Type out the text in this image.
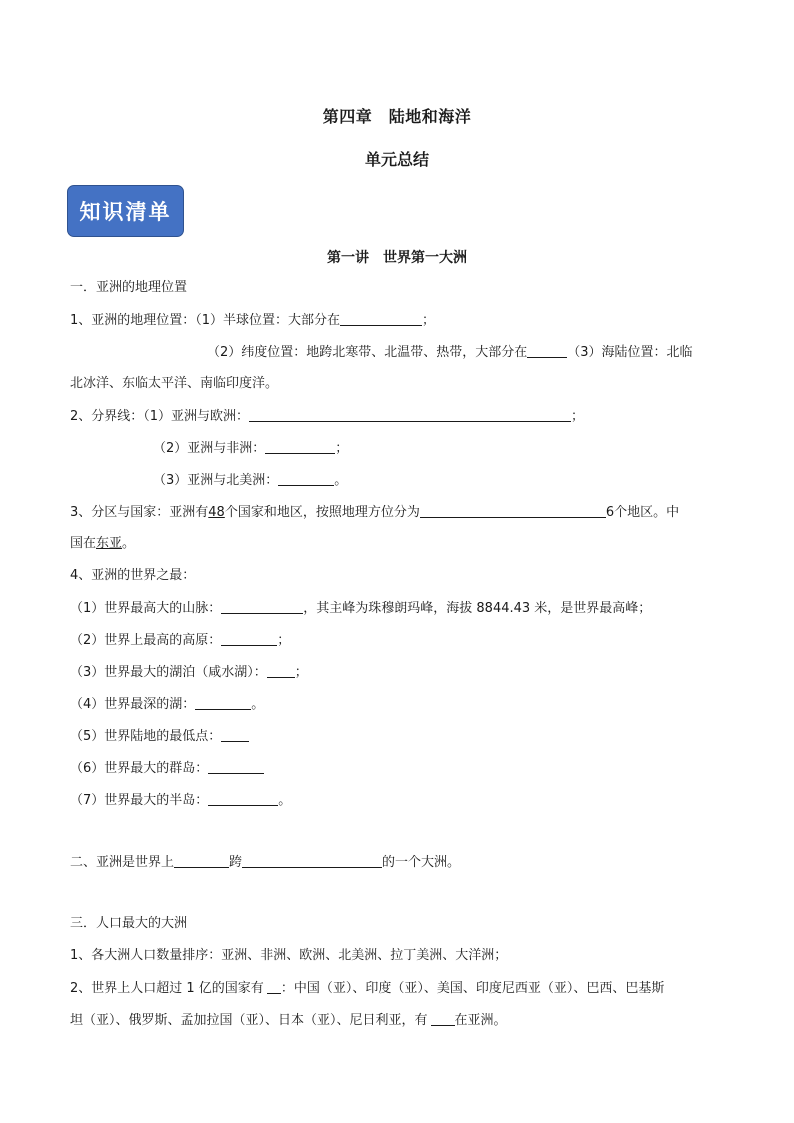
第四章　陆地和海洋
单元总结
知识清单
第一讲　世界第一大洲
一．亚洲的地理位置
1、亚洲的地理位置：（1）半球位置：大部分在	；
（2）纬度位置：地跨北寒带、北温带、热带，大部分在	（3）海陆位置：北临
北冰洋、东临太平洋、南临印度洋。
2、分界线：（1）亚洲与欧洲：	；
（2）亚洲与非洲：	；
（3）亚洲与北美洲：	。
3、分区与国家：亚洲有48个国家和地区，按照地理方位分为	6个地区。中
国在东亚。
4、亚洲的世界之最：
（1）世界最高大的山脉：	，其主峰为珠穆朗玛峰，海拔 8844.43 米，是世界最高峰；
（2）世界上最高的高原：	；
（3）世界最大的湖泊（咸水湖）： ；
（4）世界最深的湖：	。
（5）世界陆地的最低点：
（6）世界最大的群岛：
（7）世界最大的半岛：	。
二、亚洲是世界上	跨	的一个大洲。
三．人口最大的大洲
1、各大洲人口数量排序：亚洲、非洲、欧洲、北美洲、拉丁美洲、大洋洲；
2、世界上人口超过 1 亿的国家有 ：中国（亚）、印度（亚）、美国、印度尼西亚（亚）、巴西、巴基斯
坦（亚）、俄罗斯、孟加拉国（亚）、日本（亚）、尼日利亚，有 在亚洲。
